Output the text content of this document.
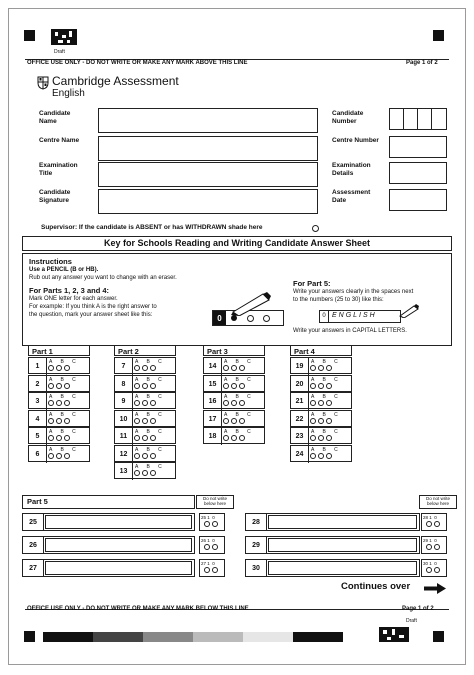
Draft
OFFICE USE ONLY - DO NOT WRITE OR MAKE ANY MARK ABOVE THIS LINE	Page 1 of 2
Cambridge Assessment
English
Candidate Name
Centre Name
Examination Title
Candidate Signature
Candidate Number
Centre Number
Examination Details
Assessment Date
Supervisor: If the candidate is ABSENT or has WITHDRAWN shade here
Key for Schools Reading and Writing Candidate Answer Sheet
Instructions
Use a PENCIL (B or HB).
Rub out any answer you want to change with an eraser.
For Parts 1, 2, 3 and 4:
Mark ONE letter for each answer.
For example: If you think A is the right answer to
the question, mark your answer sheet like this:	0
For Part 5:
Write your answers clearly in the spaces next
to the numbers (25 to 30) like this:
0 ENGLISH
Write your answers in CAPITAL LETTERS.
Part 1
1
A B C
2
A B C
3
A B C
4
A B C
5
A B C
6
A B C
Part 2
7
A B C
8
A B C
9
A B C
10
A B C
11
A B C
12
A B C
13
A B C
Part 3
14
A B C
15
A B C
16
A B C
17
A B C
18
A B C
Part 4
19
A B C
20
A B C
21
A B C
22
A B C
23
A B C
24
A B C
Part 5	Do not write below here
Do not write below here
25
25 1  0
26
26 1  0
27
27 1  0
28
28 1  0
29
29 1  0
30
30 1  0
Continues over
OFFICE USE ONLY - DO NOT WRITE OR MAKE ANY MARK BELOW THIS LINE	Page 1 of 2
Draft
